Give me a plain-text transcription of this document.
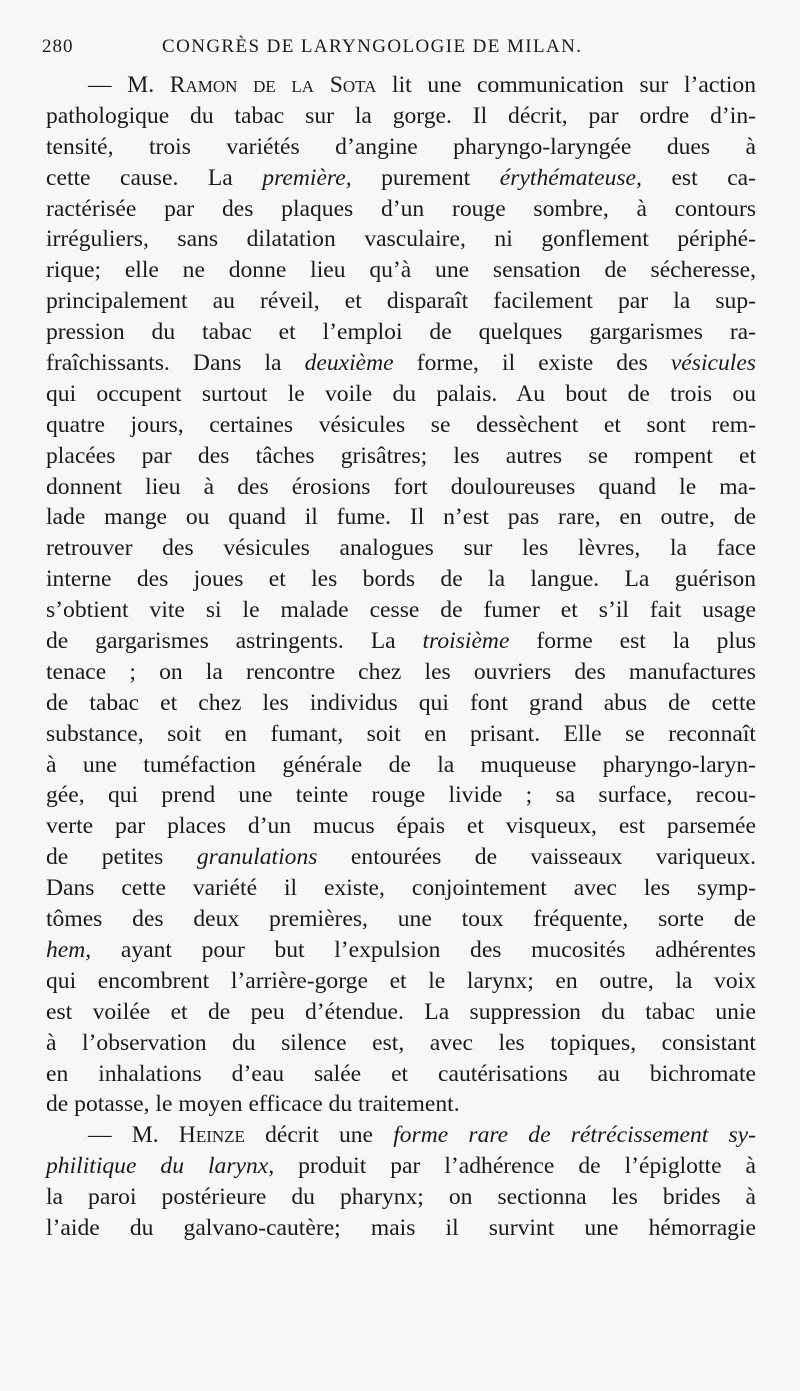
280	CONGRÈS DE LARYNGOLOGIE DE MILAN.
— M. Ramon de la Sota lit une communication sur l’action
pathologique du tabac sur la gorge. Il décrit, par ordre d’in-
tensité, trois variétés d’angine pharyngo-laryngée dues à
cette cause. La première, purement érythémateuse, est ca-
ractérisée par des plaques d’un rouge sombre, à contours
irréguliers, sans dilatation vasculaire, ni gonflement périphé-
rique; elle ne donne lieu qu’à une sensation de sécheresse,
principalement au réveil, et disparaît facilement par la sup-
pression du tabac et l’emploi de quelques gargarismes ra-
fraîchissants. Dans la deuxième forme, il existe des vésicules
qui occupent surtout le voile du palais. Au bout de trois ou
quatre jours, certaines vésicules se dessèchent et sont rem-
placées par des tâches grisâtres; les autres se rompent et
donnent lieu à des érosions fort douloureuses quand le ma-
lade mange ou quand il fume. Il n’est pas rare, en outre, de
retrouver des vésicules analogues sur les lèvres, la face
interne des joues et les bords de la langue. La guérison
s’obtient vite si le malade cesse de fumer et s’il fait usage
de gargarismes astringents. La troisième forme est la plus
tenace ; on la rencontre chez les ouvriers des manufactures
de tabac et chez les individus qui font grand abus de cette
substance, soit en fumant, soit en prisant. Elle se reconnaît
à une tuméfaction générale de la muqueuse pharyngo-laryn-
gée, qui prend une teinte rouge livide ; sa surface, recou-
verte par places d’un mucus épais et visqueux, est parsemée
de petites granulations entourées de vaisseaux variqueux.
Dans cette variété il existe, conjointement avec les symp-
tômes des deux premières, une toux fréquente, sorte de
hem, ayant pour but l’expulsion des mucosités adhérentes
qui encombrent l’arrière-gorge et le larynx; en outre, la voix
est voilée et de peu d’étendue. La suppression du tabac unie
à l’observation du silence est, avec les topiques, consistant
en inhalations d’eau salée et cautérisations au bichromate
de potasse, le moyen efficace du traitement.
— M. Heinze décrit une forme rare de rétrécissement sy-
philitique du larynx, produit par l’adhérence de l’épiglotte à
la paroi postérieure du pharynx; on sectionna les brides à
l’aide du galvano-cautère; mais il survint une hémorragie
